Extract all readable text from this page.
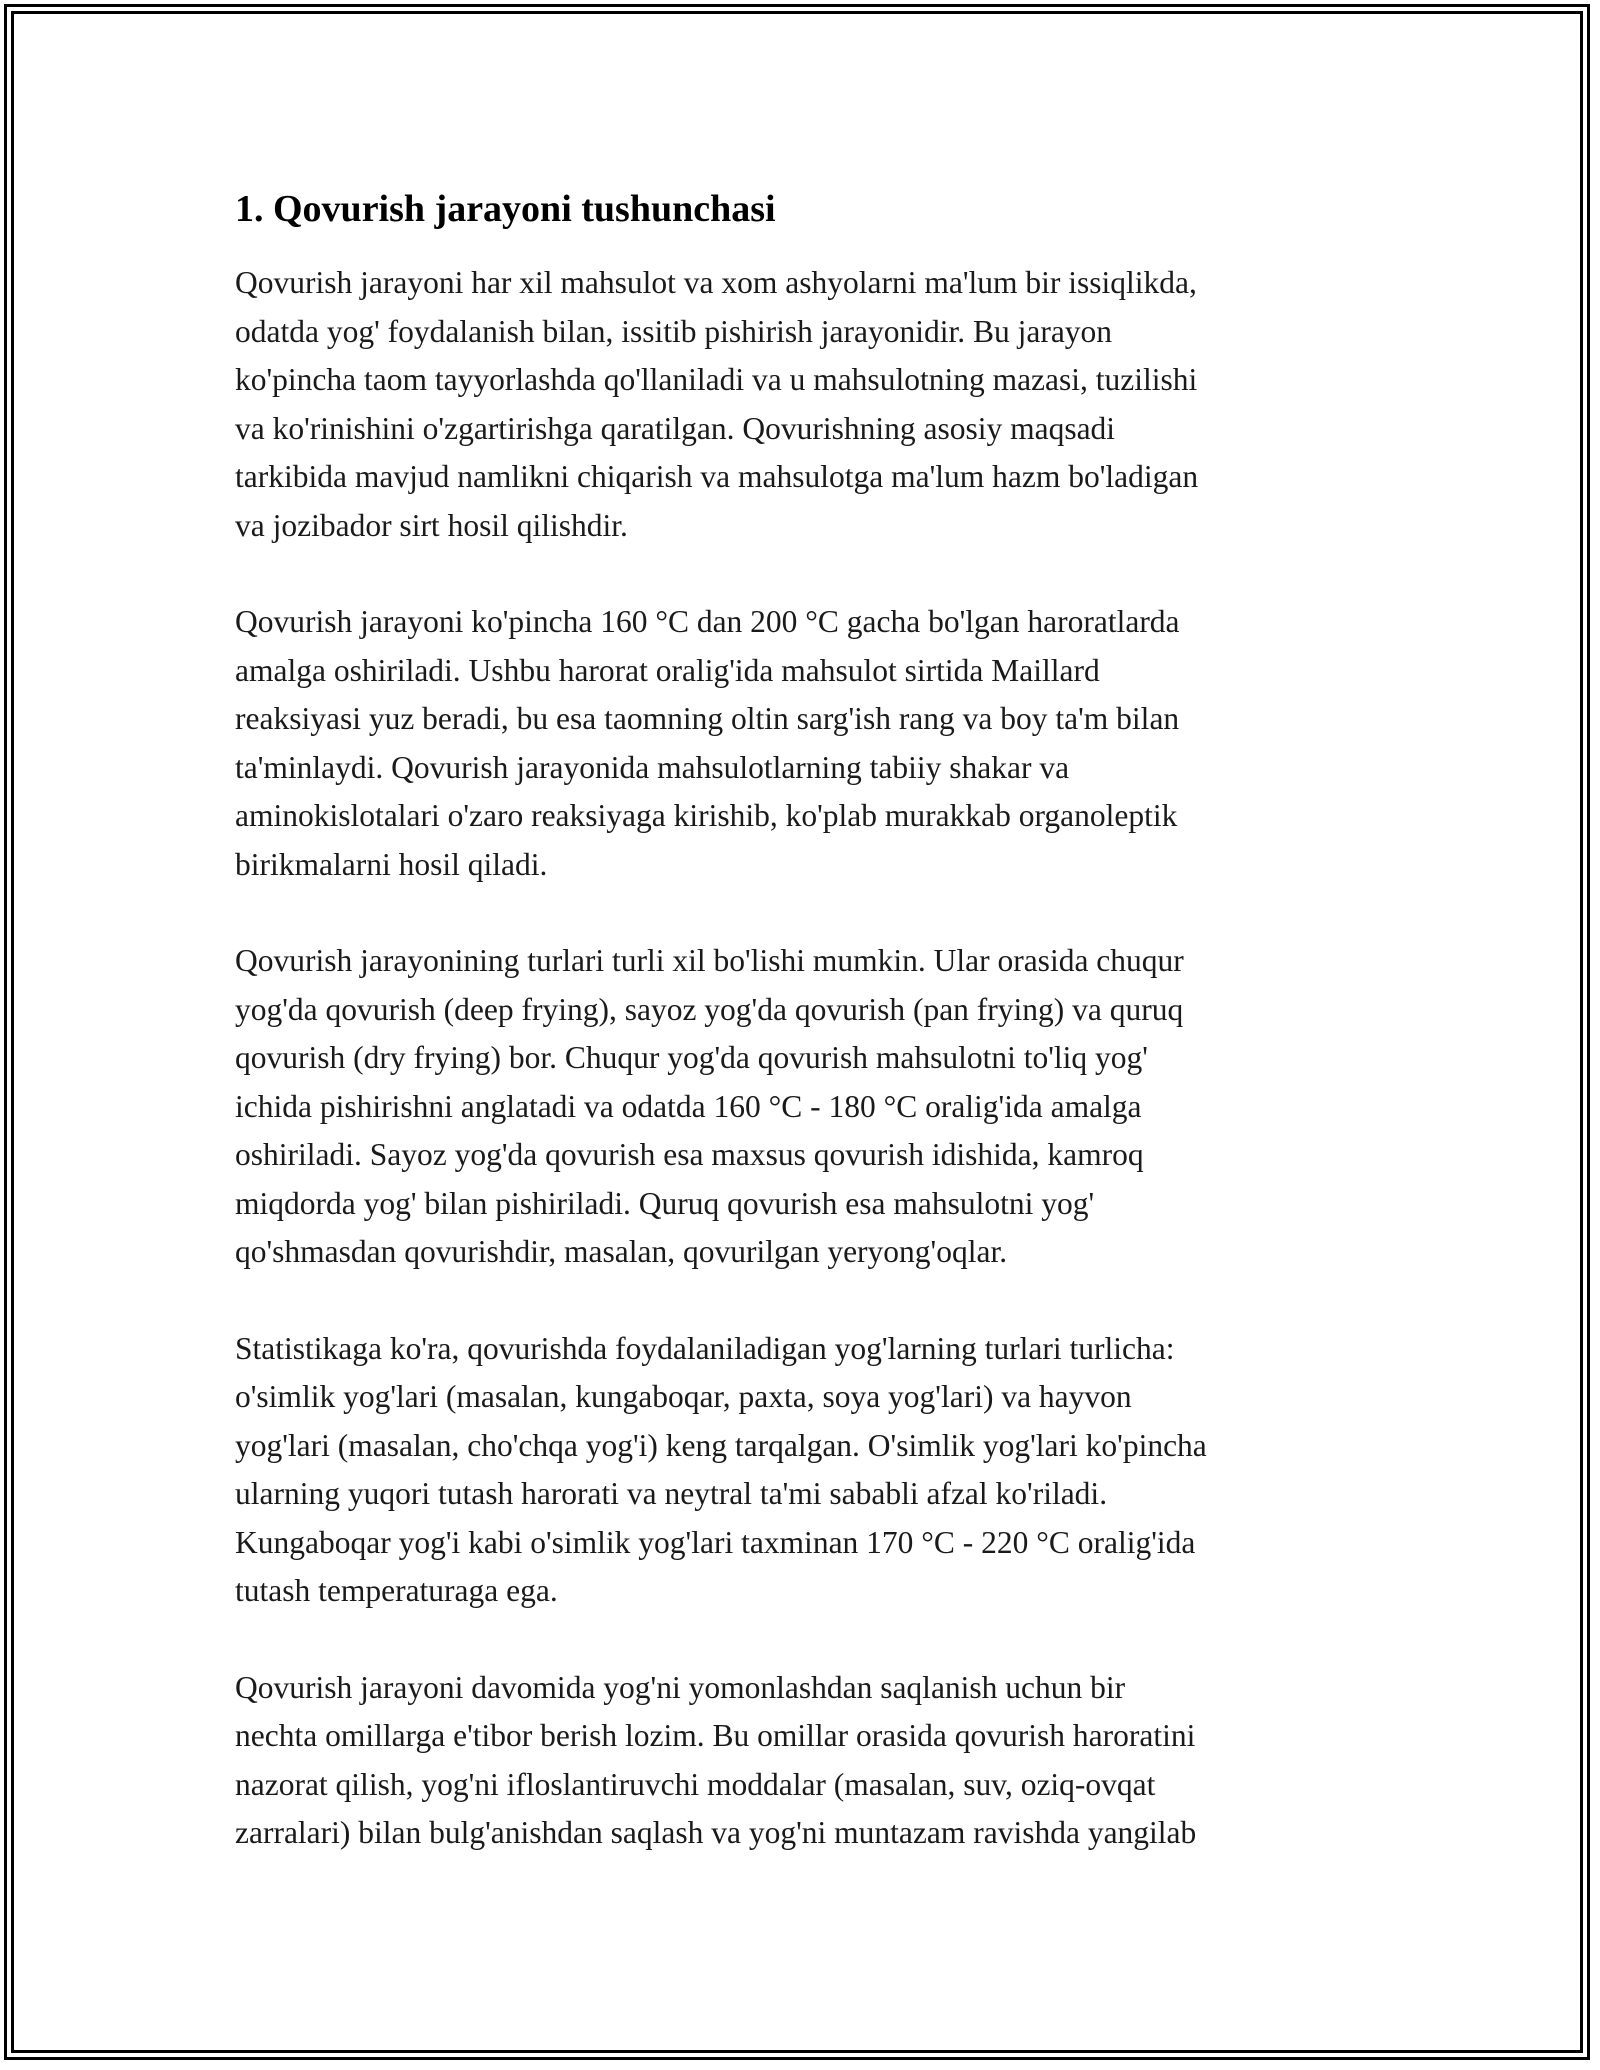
1. Qovurish jarayoni tushunchasi

Qovurish jarayoni har xil mahsulot va xom ashyolarni ma'lum bir issiqlikda,
odatda yog' foydalanish bilan, issitib pishirish jarayonidir. Bu jarayon
ko'pincha taom tayyorlashda qo'llaniladi va u mahsulotning mazasi, tuzilishi
va ko'rinishini o'zgartirishga qaratilgan. Qovurishning asosiy maqsadi
tarkibida mavjud namlikni chiqarish va mahsulotga ma'lum hazm bo'ladigan
va jozibador sirt hosil qilishdir.

Qovurish jarayoni ko'pincha 160 °C dan 200 °C gacha bo'lgan haroratlarda
amalga oshiriladi. Ushbu harorat oralig'ida mahsulot sirtida Maillard
reaksiyasi yuz beradi, bu esa taomning oltin sarg'ish rang va boy ta'm bilan
ta'minlaydi. Qovurish jarayonida mahsulotlarning tabiiy shakar va
aminokislotalari o'zaro reaksiyaga kirishib, ko'plab murakkab organoleptik
birikmalarni hosil qiladi.

Qovurish jarayonining turlari turli xil bo'lishi mumkin. Ular orasida chuqur
yog'da qovurish (deep frying), sayoz yog'da qovurish (pan frying) va quruq
qovurish (dry frying) bor. Chuqur yog'da qovurish mahsulotni to'liq yog'
ichida pishirishni anglatadi va odatda 160 °C - 180 °C oralig'ida amalga
oshiriladi. Sayoz yog'da qovurish esa maxsus qovurish idishida, kamroq
miqdorda yog' bilan pishiriladi. Quruq qovurish esa mahsulotni yog'
qo'shmasdan qovurishdir, masalan, qovurilgan yeryong'oqlar.

Statistikaga ko'ra, qovurishda foydalaniladigan yog'larning turlari turlicha:
o'simlik yog'lari (masalan, kungaboqar, paxta, soya yog'lari) va hayvon
yog'lari (masalan, cho'chqa yog'i) keng tarqalgan. O'simlik yog'lari ko'pincha
ularning yuqori tutash harorati va neytral ta'mi sababli afzal ko'riladi.
Kungaboqar yog'i kabi o'simlik yog'lari taxminan 170 °C - 220 °C oralig'ida
tutash temperaturaga ega.

Qovurish jarayoni davomida yog'ni yomonlashdan saqlanish uchun bir
nechta omillarga e'tibor berish lozim. Bu omillar orasida qovurish haroratini
nazorat qilish, yog'ni ifloslantiruvchi moddalar (masalan, suv, oziq-ovqat
zarralari) bilan bulg'anishdan saqlash va yog'ni muntazam ravishda yangilab
